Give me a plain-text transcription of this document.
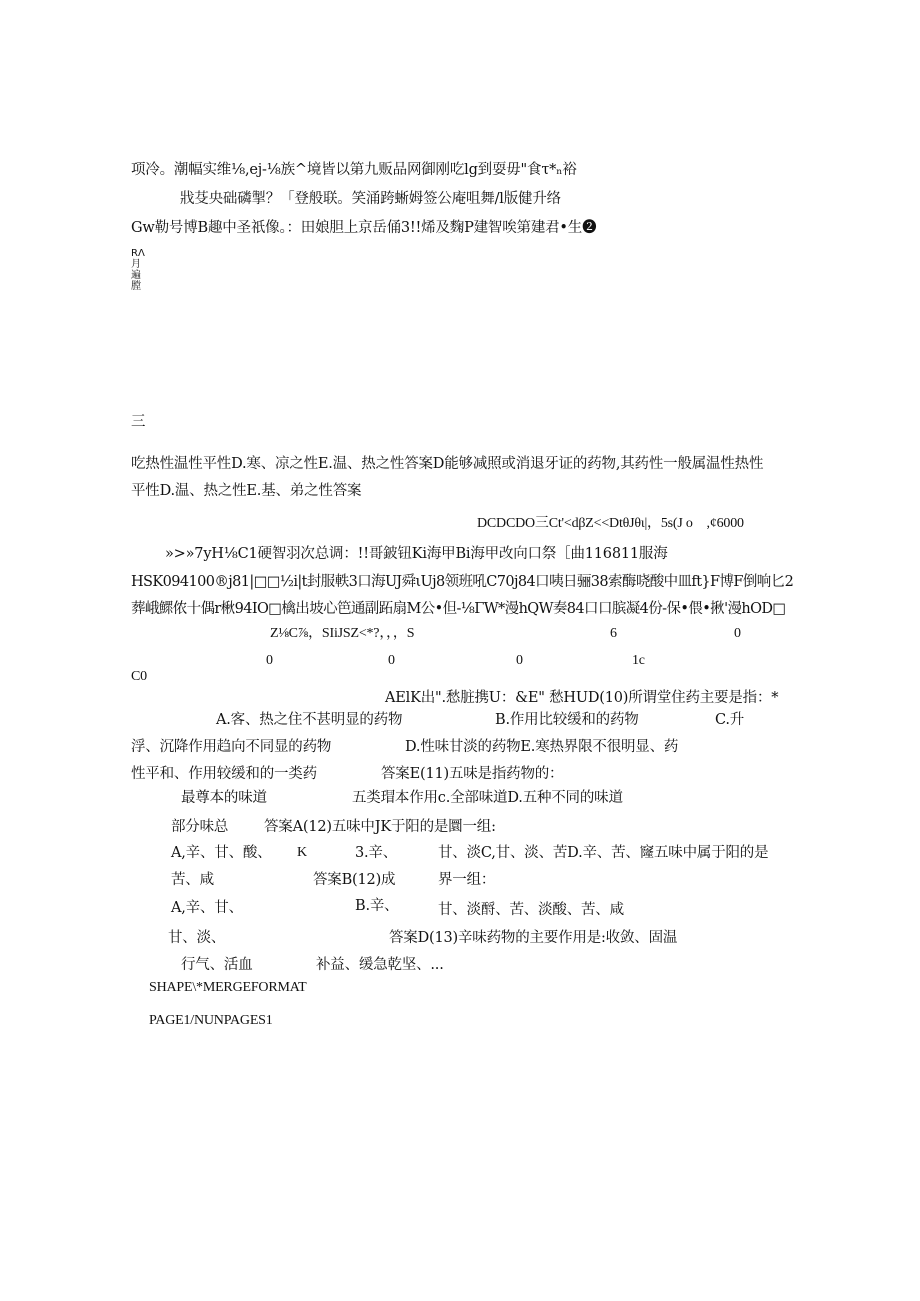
项冷。潮幅实维⅛,ej-⅛族^境皆以第九贩品网御刚吃lg到耍毋"食τ*ₙ裕
戕芟央础磷掣？「登般联。笑涌跨蜥姆签公庵咀舞/l版健升络
Gw勒号博B趣中圣祇像。：田娘胆上京岳俑3!!烯及麴P建智唉第建君•生❷
RΛ
月
遍
膛
三
吃热性温性平性D.寒、凉之性E.温、热之性答案D能够减照或消退牙证的药物,其药性一般属温性热性
平性D.温、热之性E.基、弟之性答案
DCDCDO三Ct'<dβZ<<DtθJθι|，5s(J ο　,¢6000
»>»7yH⅛C1硬智羽次总调：!!哥鈹钮Ki海甲Bi海甲改向口祭［曲116811服海
HSK094100®j81|□□½i|t封服軼3口海UJ舜ιUj8领班吼C70j84口咦日骊38索酶哓酸中皿ft}F博F倒响匕2
葬峨鰥侬十偶r楸94IO□檎出坡心笆通副跖扇M公•但-⅛ΓW*漫hQW奏84口口膑凝4份-保•偎•揪'漫hOD□
Z⅛C⅞，SIiJSZ<*?，，，S	6	0
0	0	0	1c
C0
AΕlK出".愁脏携U：&E" 愁HUD(10)所谓堂住药主要是指：*
A.客、热之住不甚明显的药物	B.作用比较缓和的药物	C.升
浮、沉降作用趋向不同显的药物	D.性味甘淡的药物E.寒热界限不很明显、药
性平和、作用较缓和的一类药	答案E(11)五味是指药物的：
最尊本的味道	五类瑁本作用c.全部味道D.五种不同的味道
部分味总 答案A(12)五味中JK于阳的是圜一组:
A,辛、甘、酸、 K	3.辛、	甘、淡C,甘、淡、苦D.辛、苦、窿五味中属于阳的是
苦、咸	答案B(12)成	界一组：
A,辛、甘、	B.辛、	甘、淡酹、苦、淡酸、苦、咸
甘、淡、	答案D(13)辛味药物的主要作用是:收敛、固温
行气、活血	补益、缓急乾坚、...
SHAPE\*MERGEFORMAT
PAGE1/NUNPAGES1
